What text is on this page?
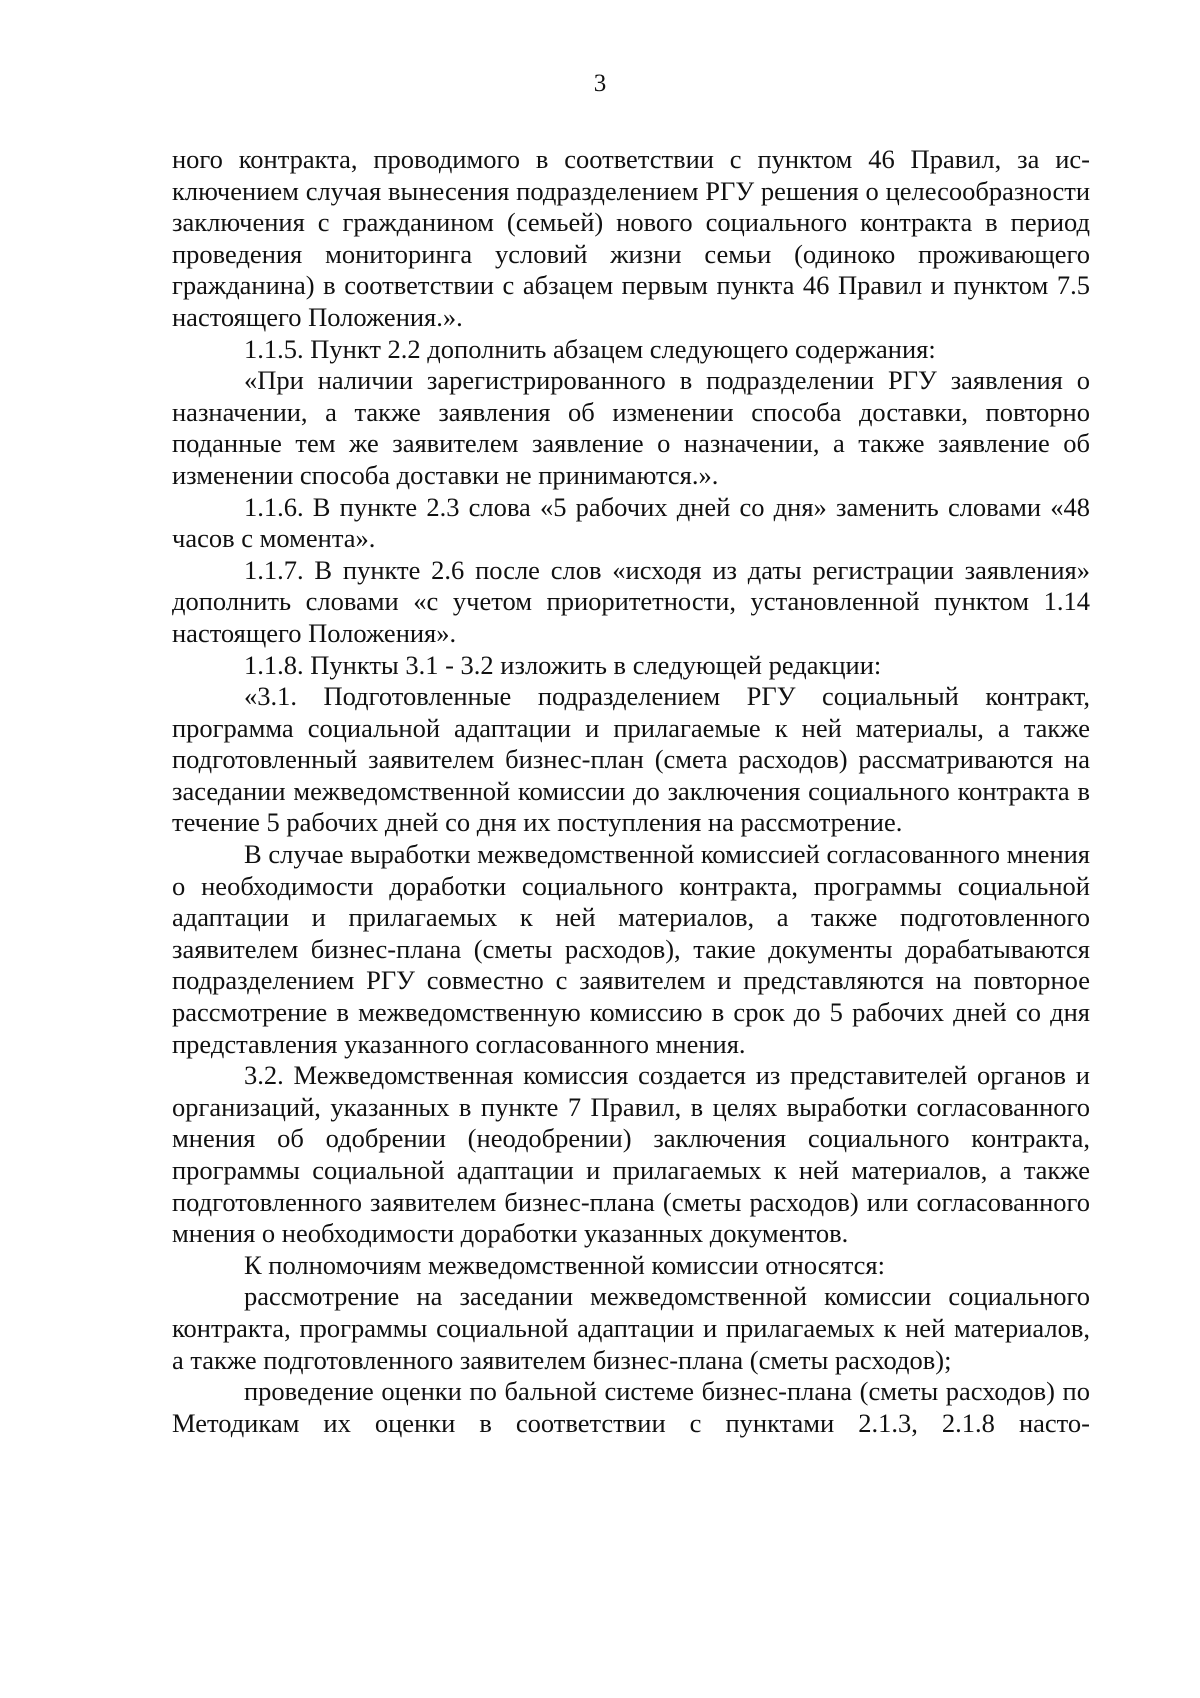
3

ного контракта, проводимого в соответствии с пунктом 46 Правил, за исключением случая вынесения подразделением РГУ решения о целесообразности заключения с гражданином (семьей) нового социального контракта в период проведения мониторинга условий жизни семьи (одиноко проживающего гражданина) в соответствии с абзацем первым пункта 46 Правил и пунктом 7.5 настоящего Положения.».

1.1.5. Пункт 2.2 дополнить абзацем следующего содержания:

«При наличии зарегистрированного в подразделении РГУ заявления о назначении, а также заявления об изменении способа доставки, повторно поданные тем же заявителем заявление о назначении, а также заявление об изменении способа доставки не принимаются.».

1.1.6. В пункте 2.3 слова «5 рабочих дней со дня» заменить словами «48 часов с момента».

1.1.7. В пункте 2.6 после слов «исходя из даты регистрации заявления» дополнить словами «с учетом приоритетности, установленной пунктом 1.14 настоящего Положения».

1.1.8. Пункты 3.1 - 3.2 изложить в следующей редакции:

«3.1. Подготовленные подразделением РГУ социальный контракт, программа социальной адаптации и прилагаемые к ней материалы, а также подготовленный заявителем бизнес-план (смета расходов) рассматриваются на заседании межведомственной комиссии до заключения социального контракта в течение 5 рабочих дней со дня их поступления на рассмотрение.

В случае выработки межведомственной комиссией согласованного мнения о необходимости доработки социального контракта, программы социальной адаптации и прилагаемых к ней материалов, а также подготовленного заявителем бизнес-плана (сметы расходов), такие документы дорабатываются подразделением РГУ совместно с заявителем и представляются на повторное рассмотрение в межведомственную комиссию в срок до 5 рабочих дней со дня представления указанного согласованного мнения.

3.2. Межведомственная комиссия создается из представителей органов и организаций, указанных в пункте 7 Правил, в целях выработки согласованного мнения об одобрении (неодобрении) заключения социального контракта, программы социальной адаптации и прилагаемых к ней материалов, а также подготовленного заявителем бизнес-плана (сметы расходов) или согласованного мнения о необходимости доработки указанных документов.

К полномочиям межведомственной комиссии относятся:

рассмотрение на заседании межведомственной комиссии социального контракта, программы социальной адаптации и прилагаемых к ней материалов, а также подготовленного заявителем бизнес-плана (сметы расходов);

проведение оценки по бальной системе бизнес-плана (сметы расходов) по Методикам их оценки в соответствии с пунктами 2.1.3, 2.1.8 насто-
